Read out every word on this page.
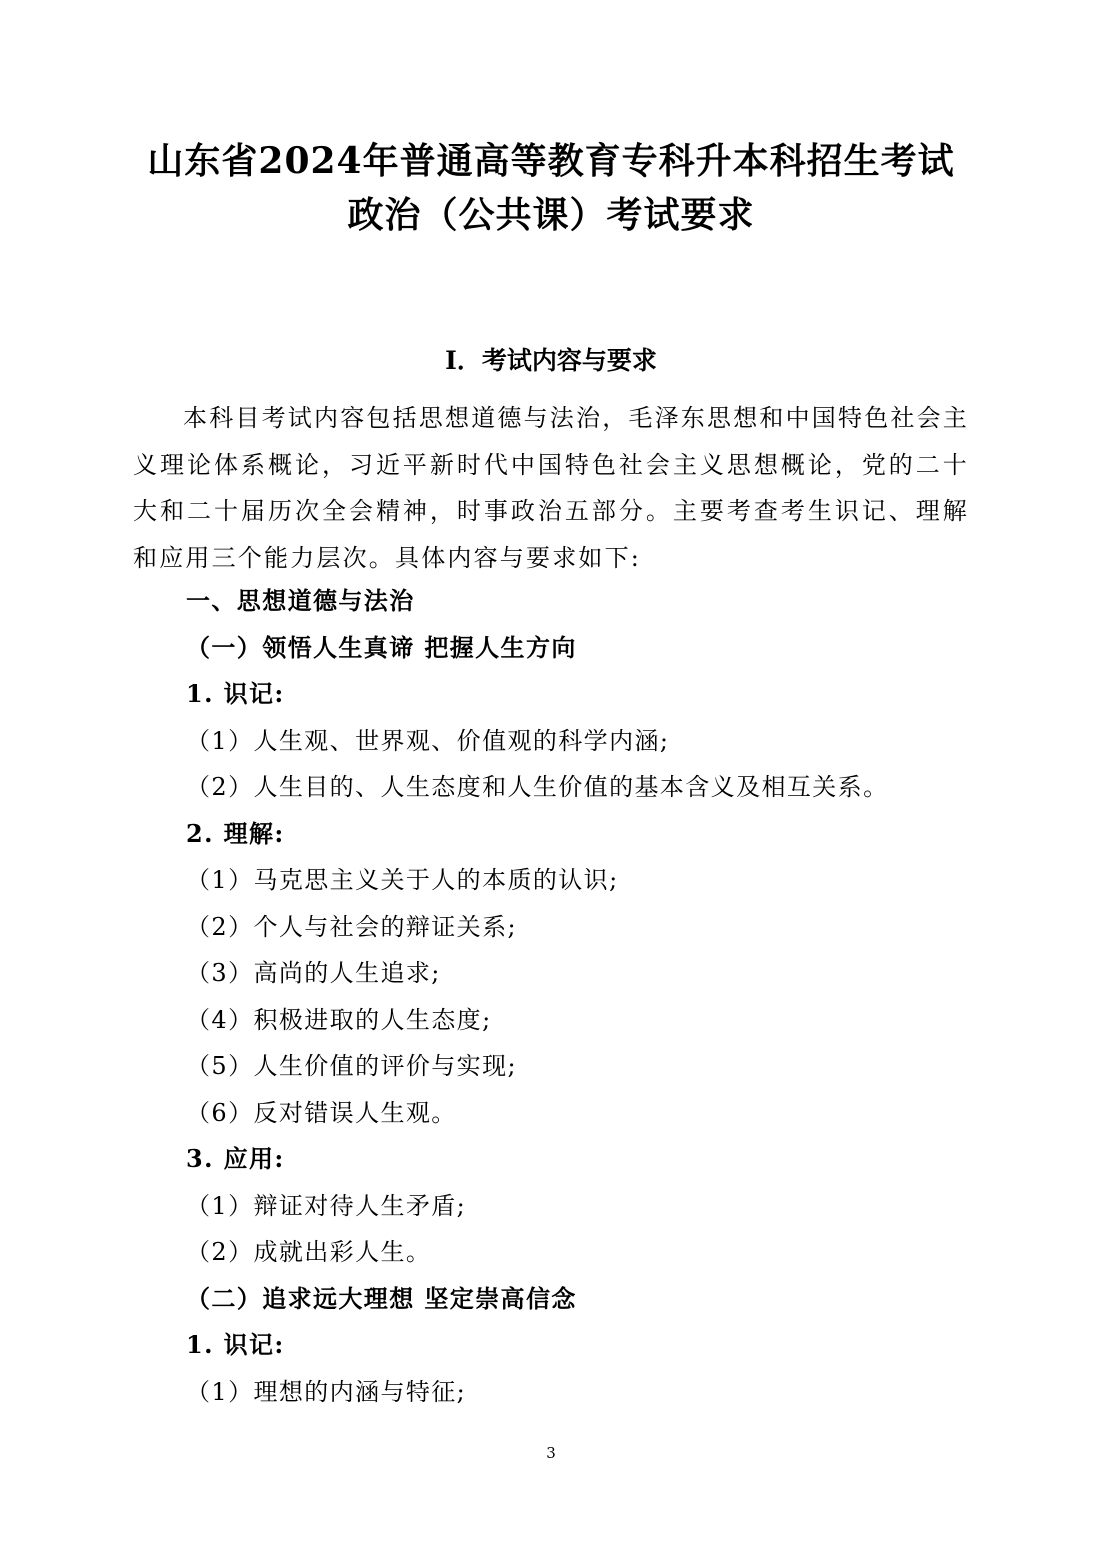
山东省2024年普通高等教育专科升本科招生考试
政治（公共课）考试要求
Ⅰ．考试内容与要求
本科目考试内容包括思想道德与法治，毛泽东思想和中国特色社会主义理论体系概论，习近平新时代中国特色社会主义思想概论，党的二十大和二十届历次全会精神，时事政治五部分。主要考查考生识记、理解和应用三个能力层次。具体内容与要求如下:
一、思想道德与法治
（一）领悟人生真谛 把握人生方向
1. 识记:
（1）人生观、世界观、价值观的科学内涵;
（2）人生目的、人生态度和人生价值的基本含义及相互关系。
2. 理解:
（1）马克思主义关于人的本质的认识;
（2）个人与社会的辩证关系;
（3）高尚的人生追求;
（4）积极进取的人生态度;
（5）人生价值的评价与实现;
（6）反对错误人生观。
3. 应用:
（1）辩证对待人生矛盾;
（2）成就出彩人生。
（二）追求远大理想 坚定崇高信念
1. 识记:
（1）理想的内涵与特征;
3
